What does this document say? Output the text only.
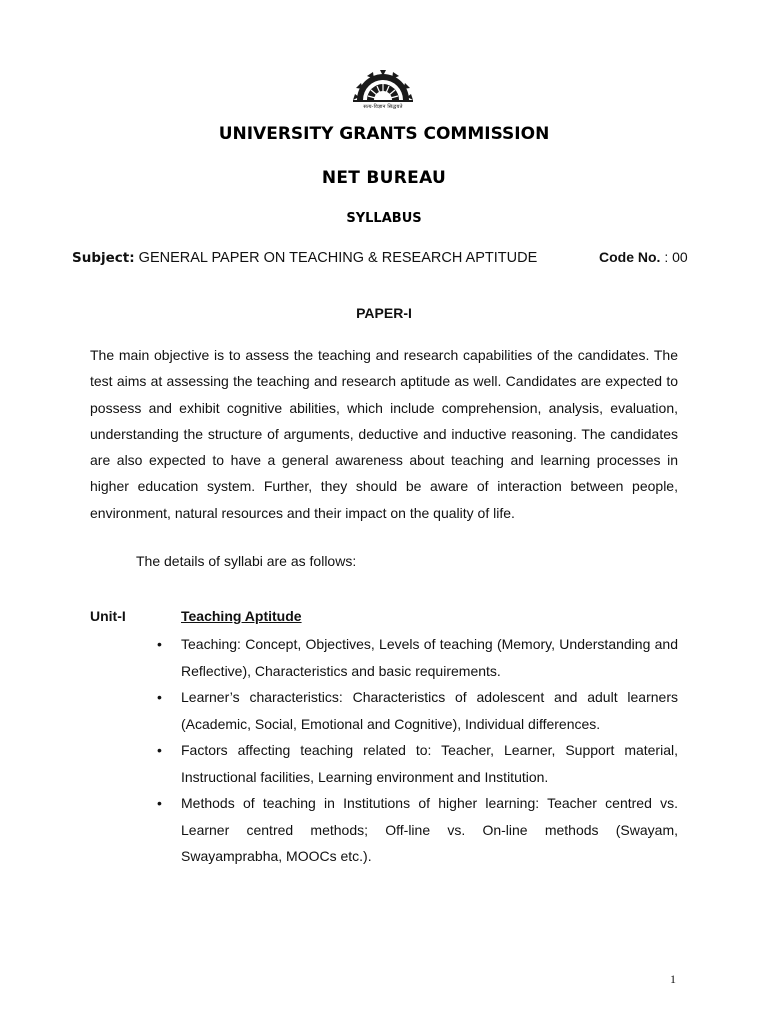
सत्य-विज्ञान सिद्धयते
UNIVERSITY GRANTS COMMISSION
NET BUREAU
SYLLABUS
Subject: GENERAL PAPER ON TEACHING & RESEARCH APTITUDE	Code No. : 00
PAPER-I

The main objective is to assess the teaching and research capabilities of the candidates. The test aims at assessing the teaching and research aptitude as well. Candidates are expected to possess and exhibit cognitive abilities, which include comprehension, analysis, evaluation, understanding the structure of arguments, deductive and inductive reasoning. The candidates are also expected to have a general awareness about teaching and learning processes in higher education system. Further, they should be aware of interaction between people, environment, natural resources and their impact on the quality of life.

The details of syllabi are as follows:

Unit-I	Teaching Aptitude
• Teaching: Concept, Objectives, Levels of teaching (Memory, Understanding and Reflective), Characteristics and basic requirements.
• Learner’s characteristics: Characteristics of adolescent and adult learners (Academic, Social, Emotional and Cognitive), Individual differences.
• Factors affecting teaching related to: Teacher, Learner, Support material, Instructional facilities, Learning environment and Institution.
• Methods of teaching in Institutions of higher learning: Teacher centred vs. Learner centred methods; Off-line vs. On-line methods (Swayam, Swayamprabha, MOOCs etc.).
1
